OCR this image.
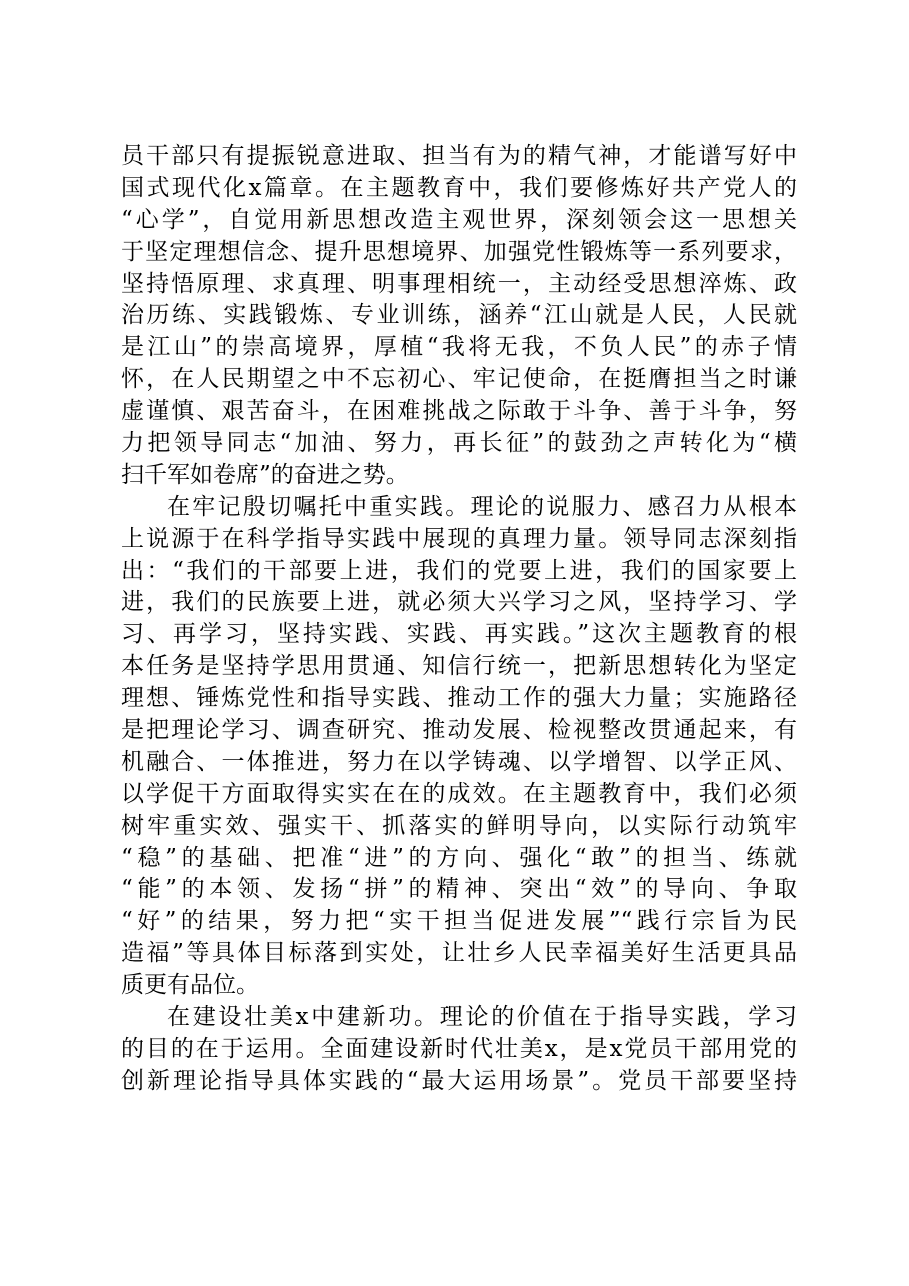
员干部只有提振锐意进取、担当有为的精气神，才能谱写好中
国式现代化x篇章。在主题教育中，我们要修炼好共产党人的
“心学”，自觉用新思想改造主观世界，深刻领会这一思想关
于坚定理想信念、提升思想境界、加强党性锻炼等一系列要求，
坚持悟原理、求真理、明事理相统一，主动经受思想淬炼、政
治历练、实践锻炼、专业训练，涵养“江山就是人民，人民就
是江山”的崇高境界，厚植“我将无我，不负人民”的赤子情
怀，在人民期望之中不忘初心、牢记使命，在挺膺担当之时谦
虚谨慎、艰苦奋斗，在困难挑战之际敢于斗争、善于斗争，努
力把领导同志“加油、努力，再长征”的鼓劲之声转化为“横
扫千军如卷席”的奋进之势。
在牢记殷切嘱托中重实践。理论的说服力、感召力从根本
上说源于在科学指导实践中展现的真理力量。领导同志深刻指
出：“我们的干部要上进，我们的党要上进，我们的国家要上
进，我们的民族要上进，就必须大兴学习之风，坚持学习、学
习、再学习，坚持实践、实践、再实践。”这次主题教育的根
本任务是坚持学思用贯通、知信行统一，把新思想转化为坚定
理想、锤炼党性和指导实践、推动工作的强大力量；实施路径
是把理论学习、调查研究、推动发展、检视整改贯通起来，有
机融合、一体推进，努力在以学铸魂、以学增智、以学正风、
以学促干方面取得实实在在的成效。在主题教育中，我们必须
树牢重实效、强实干、抓落实的鲜明导向，以实际行动筑牢
“稳”的基础、把准“进”的方向、强化“敢”的担当、练就
“能”的本领、发扬“拼”的精神、突出“效”的导向、争取
“好”的结果，努力把“实干担当促进发展”“践行宗旨为民
造福”等具体目标落到实处，让壮乡人民幸福美好生活更具品
质更有品位。
在建设壮美x中建新功。理论的价值在于指导实践，学习
的目的在于运用。全面建设新时代壮美x，是x党员干部用党的
创新理论指导具体实践的“最大运用场景”。党员干部要坚持
